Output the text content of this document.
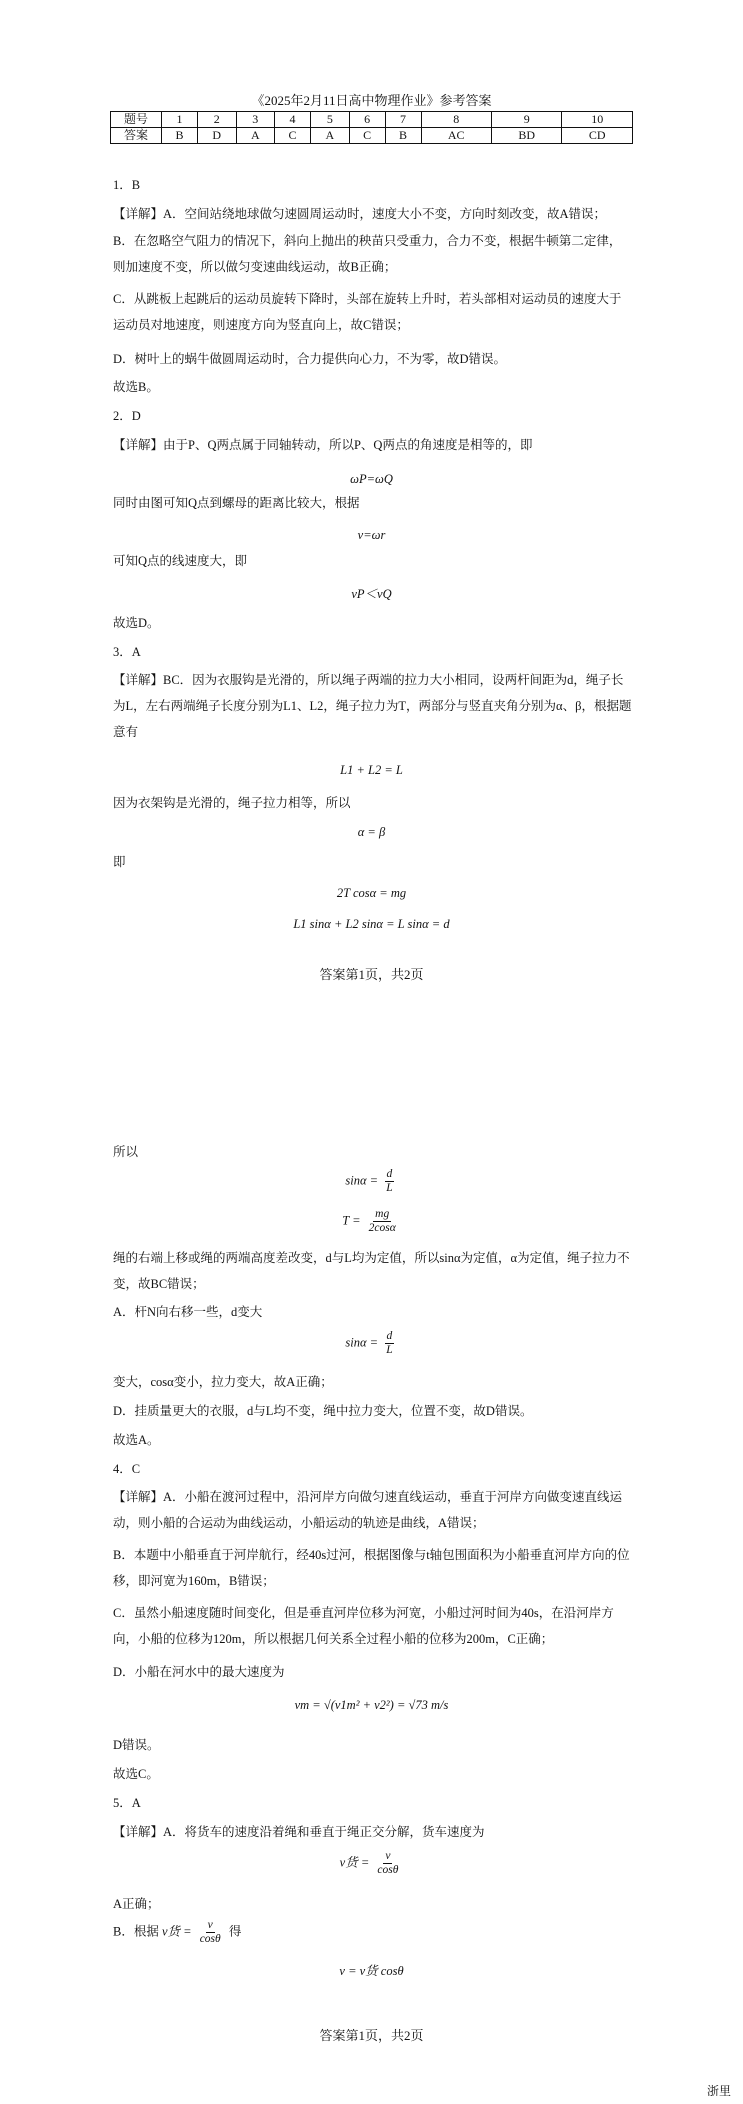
《2025年2月11日高中物理作业》参考答案
题号	1	2	3	4	5	6	7	8	9	10
答案	B	D	A	C	A	C	B	AC	BD	CD
1．B
【详解】A．空间站绕地球做匀速圆周运动时，速度大小不变，方向时刻改变，故A错误；
B．在忽略空气阻力的情况下，斜向上抛出的秧苗只受重力，合力不变，根据牛顿第二定律，则加速度不变，所以做匀变速曲线运动，故B正确；
C．从跳板上起跳后的运动员旋转下降时，头部在旋转上升时，若头部相对运动员的速度大于运动员对地速度，则速度方向为竖直向上，故C错误；
D．树叶上的蜗牛做圆周运动时，合力提供向心力，不为零，故D错误。
故选B。
2．D
【详解】由于P、Q两点属于同轴转动，所以P、Q两点的角速度是相等的，即
ωP=ωQ
同时由图可知Q点到螺母的距离比较大，根据
v=ωr
可知Q点的线速度大，即
vP＜vQ
故选D。
3．A
【详解】BC．因为衣服钩是光滑的，所以绳子两端的拉力大小相同，设两杆间距为d，绳子长为L，左右两端绳子长度分别为L1、L2，绳子拉力为T，两部分与竖直夹角分别为α、β，根据题意有
L1 + L2 = L
因为衣架钩是光滑的，绳子拉力相等，所以
α = β
即
2T cosα = mg
L1 sinα + L2 sinα = L sinα = d
答案第1页，共2页
所以
$\sin\alpha = \frac{d}{L}$
$T = \frac{mg}{2\cos\alpha}$
绳的右端上移或绳的两端高度差改变，d与L均为定值，所以sinα为定值，α为定值，绳子拉力不变，故BC错误；
A．杆N向右移一些，d变大
$\sin\alpha = \frac{d}{L}$
变大，cosα变小，拉力变大，故A正确；
D．挂质量更大的衣服，d与L均不变，绳中拉力变大，位置不变，故D错误。
故选A。
4．C
【详解】A．小船在渡河过程中，沿河岸方向做匀速直线运动，垂直于河岸方向做变速直线运动，则小船的合运动为曲线运动，小船运动的轨迹是曲线，A错误；
B．本题中小船垂直于河岸航行，经40s过河，根据图像与t轴包围面积为小船垂直河岸方向的位移，即河宽为160m，B错误；
C．虽然小船速度随时间变化，但是垂直河岸位移为河宽，小船过河时间为40s，在沿河岸方向，小船的位移为120m，所以根据几何关系全过程小船的位移为200m，C正确；
D．小船在河水中的最大速度为
vm = √(v1m² + v2²) = √73 m/s
D错误。
故选C。
5．A
【详解】A．将货车的速度沿着绳和垂直于绳正交分解，货车速度为
v货 = $\frac{v}{\cos\theta}$
A正确；
B．根据 v货 = $\frac{v}{\cos\theta}$ 得
v = v货 cosθ
答案第1页，共2页
浙里
